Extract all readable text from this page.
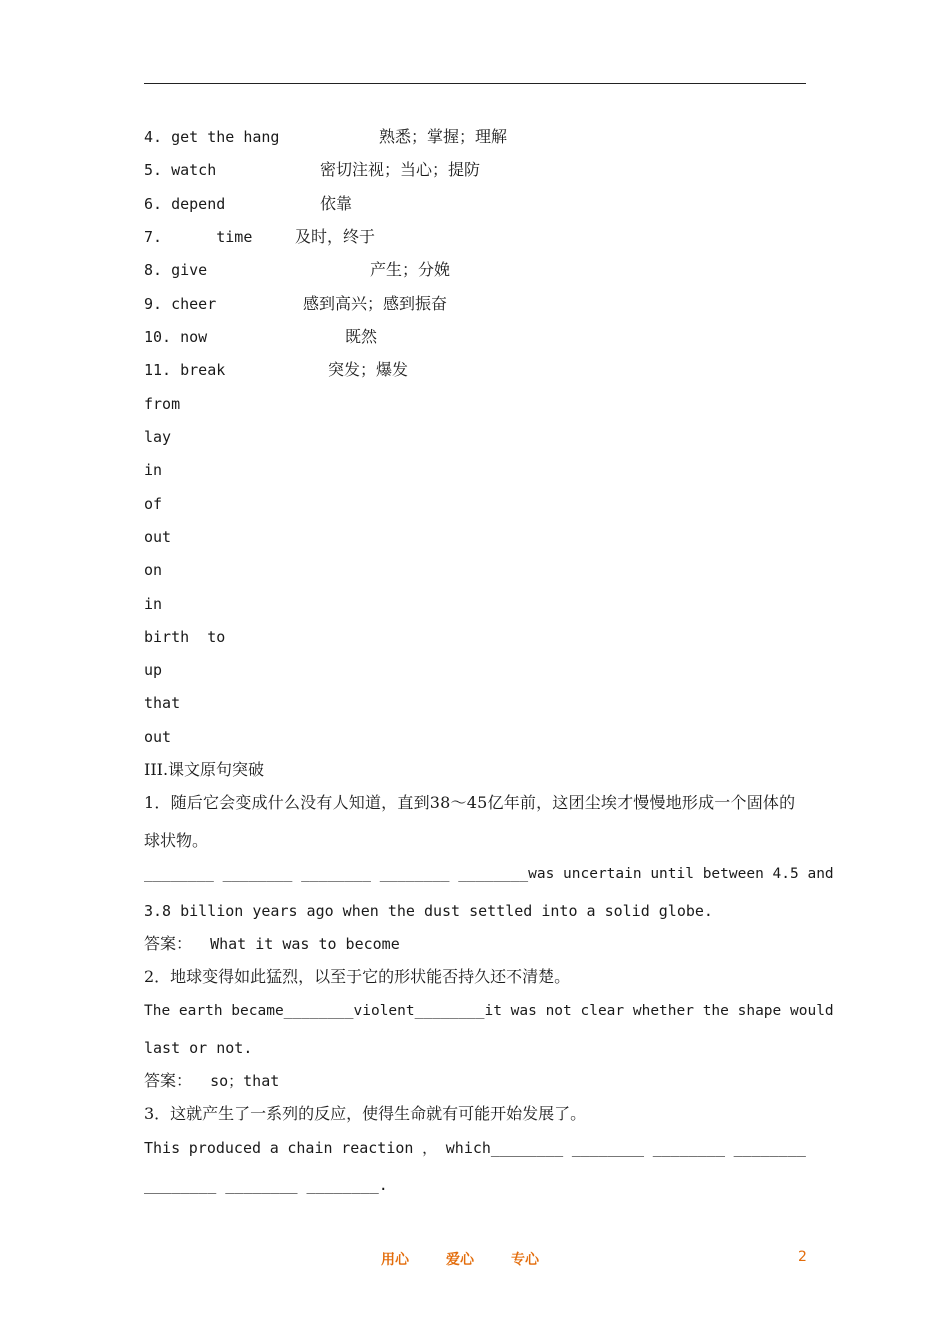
4. get the hang	熟悉；掌握；理解
5. watch	密切注视；当心；提防
6. depend	依靠
7.      time	及时，终于
8. give	产生；分娩
9. cheer	感到高兴；感到振奋
10. now	既然
11. break	突发；爆发
from
lay
in
of
out
on
in
birth  to
up
that
out
III.课文原句突破
1．随后它会变成什么没有人知道，直到38～45亿年前，这团尘埃才慢慢地形成一个固体的
球状物。
________ ________ ________ ________ ________was uncertain until between 4.5 and
3.8 billion years ago when the dust settled into a solid globe.
答案： What it was to become
2．地球变得如此猛烈，以至于它的形状能否持久还不清楚。
The earth became________violent________it was not clear whether the shape would
last or not.
答案： so；that
3．这就产生了一系列的反应，使得生命就有可能开始发展了。
This produced a chain reaction ， which________ ________ ________ ________
________ ________ ________.
用心	爱心	专心	2
